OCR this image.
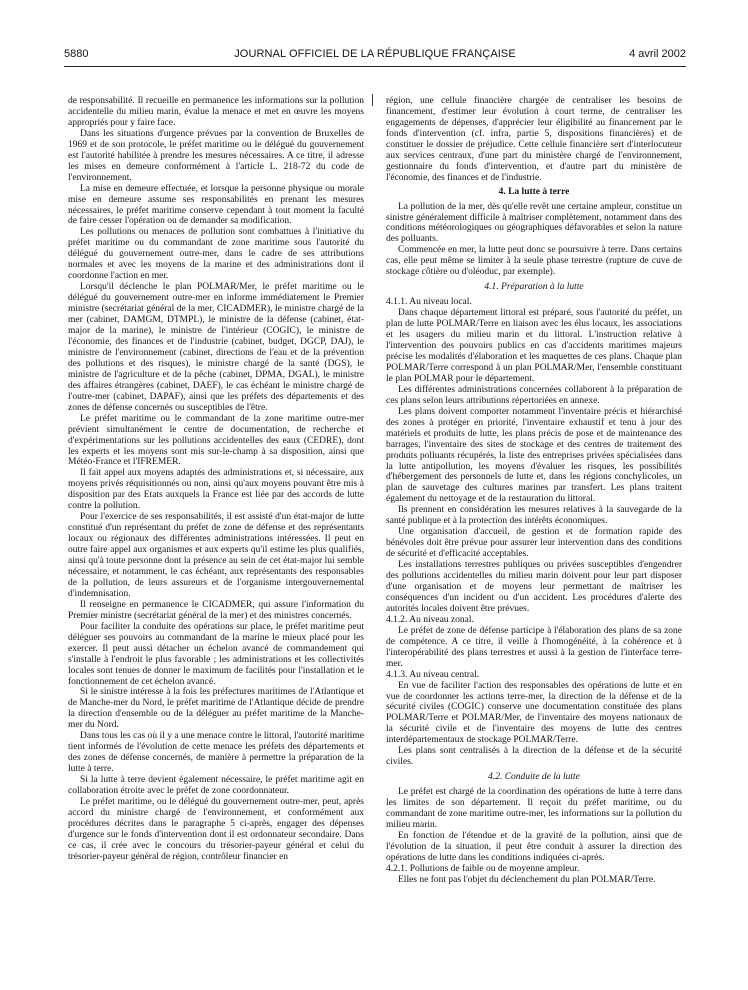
5880	JOURNAL OFFICIEL DE LA RÉPUBLIQUE FRANÇAISE	4 avril 2002

de responsabilité. Il recueille en permanence les informations sur la pollution accidentelle du milieu marin, évalue la menace et met en œuvre les moyens appropriés pour y faire face.

Dans les situations d'urgence prévues par la convention de Bruxelles de 1969 et de son protocole, le préfet maritime ou le délégué du gouvernement est l'autorité habilitée à prendre les mesures nécessaires. A ce titre, il adresse les mises en demeure conformément à l'article L. 218-72 du code de l'environnement.

La mise en demeure effectuée, et lorsque la personne physique ou morale mise en demeure assume ses responsabilités en prenant les mesures nécessaires, le préfet maritime conserve cependant à tout moment la faculté de faire cesser l'opération ou de demander sa modification.

Les pollutions ou menaces de pollution sont combattues à l'initiative du préfet maritime ou du commandant de zone maritime sous l'autorité du délégué du gouvernement outre-mer, dans le cadre de ses attributions normales et avec les moyens de la marine et des administrations dont il coordonne l'action en mer.

Lorsqu'il déclenche le plan POLMAR/Mer, le préfet maritime ou le délégué du gouvernement outre-mer en informe immédiatement le Premier ministre (secrétariat général de la mer, CICADMER), le ministre chargé de la mer (cabinet, DAMGM, DTMPL), le ministre de la défense (cabinet, état-major de la marine), le ministre de l'intérieur (COGIC), le ministre de l'économie, des finances et de l'industrie (cabinet, budget, DGCP, DAJ), le ministre de l'environnement (cabinet, directions de l'eau et de la prévention des pollutions et des risques), le ministre chargé de la santé (DGS), le ministre de l'agriculture et de la pêche (cabinet, DPMA, DGAL), le ministre des affaires étrangères (cabinet, DAEF), le cas échéant le ministre chargé de l'outre-mer (cabinet, DAPAF), ainsi que les préfets des départements et des zones de défense concernés ou susceptibles de l'être.

Le préfet maritime ou le commandant de la zone maritime outre-mer prévient simultanément le centre de documentation, de recherche et d'expérimentations sur les pollutions accidentelles des eaux (CEDRE), dont les experts et les moyens sont mis sur-le-champ à sa disposition, ainsi que Météo-France et l'IFREMER.

Il fait appel aux moyens adaptés des administrations et, si nécessaire, aux moyens privés réquisitionnés ou non, ainsi qu'aux moyens pouvant être mis à disposition par des Etats auxquels la France est liée par des accords de lutte contre la pollution.

Pour l'exercice de ses responsabilités, il est assisté d'un état-major de lutte constitué d'un représentant du préfet de zone de défense et des représentants locaux ou régionaux des différentes administrations intéressées. Il peut en outre faire appel aux organismes et aux experts qu'il estime les plus qualifiés, ainsi qu'à toute personne dont la présence au sein de cet état-major lui semble nécessaire, et notamment, le cas échéant, aux représentants des responsables de la pollution, de leurs assureurs et de l'organisme intergouvernemental d'indemnisation.

Il renseigne en permanence le CICADMER, qui assure l'information du Premier ministre (secrétariat général de la mer) et des ministres concernés.

Pour faciliter la conduite des opérations sur place, le préfet maritime peut déléguer ses pouvoirs au commandant de la marine le mieux placé pour les exercer. Il peut aussi détacher un échelon avancé de commandement qui s'installe à l'endroit le plus favorable ; les administrations et les collectivités locales sont tenues de donner le maximum de facilités pour l'installation et le fonctionnement de cet échelon avancé.

Si le sinistre intéresse à la fois les préfectures maritimes de l'Atlantique et de Manche-mer du Nord, le préfet maritime de l'Atlantique décide de prendre la direction d'ensemble ou de la déléguer au préfet maritime de la Manche-mer du Nord.

Dans tous les cas où il y a une menace contre le littoral, l'autorité maritime tient informés de l'évolution de cette menace les préfets des départements et des zones de défense concernés, de manière à permettre la préparation de la lutte à terre.

Si la lutte à terre devient également nécessaire, le préfet maritime agit en collaboration étroite avec le préfet de zone coordonnateur.

Le préfet maritime, ou le délégué du gouvernement outre-mer, peut, après accord du ministre chargé de l'environnement, et conformément aux procédures décrites dans le paragraphe 5 ci-après, engager des dépenses d'urgence sur le fonds d'intervention dont il est ordonnateur secondaire. Dans ce cas, il crée avec le concours du trésorier-payeur général et celui du trésorier-payeur général de région, contrôleur financier en

région, une cellule financière chargée de centraliser les besoins de financement, d'estimer leur évolution à court terme, de centraliser les engagements de dépenses, d'apprécier leur éligibilité au financement par le fonds d'intervention (cf. infra, partie 5, dispositions financières) et de constituer le dossier de préjudice. Cette cellule financière sert d'interlocuteur aux services centraux, d'une part du ministère chargé de l'environnement, gestionnaire du fonds d'intervention, et d'autre part du ministère de l'économie, des finances et de l'industrie.

4. La lutte à terre

La pollution de la mer, dès qu'elle revêt une certaine ampleur, constitue un sinistre généralement difficile à maîtriser complètement, notamment dans des conditions météorologiques ou géographiques défavorables et selon la nature des polluants.

Commencée en mer, la lutte peut donc se poursuivre à terre. Dans certains cas, elle peut même se limiter à la seule phase terrestre (rupture de cuve de stockage côtière ou d'oléoduc, par exemple).

4.1. Préparation à la lutte

4.1.1. Au niveau local.

Dans chaque département littoral est préparé, sous l'autorité du préfet, un plan de lutte POLMAR/Terre en liaison avec les élus locaux, les associations et les usagers du milieu marin et du littoral. L'instruction relative à l'intervention des pouvoirs publics en cas d'accidents maritimes majeurs précise les modalités d'élaboration et les maquettes de ces plans. Chaque plan POLMAR/Terre correspond à un plan POLMAR/Mer, l'ensemble constituant le plan POLMAR pour le département.

Les différentes administrations concernées collaborent à la préparation de ces plans selon leurs attributions répertoriées en annexe.

Les plans doivent comporter notamment l'inventaire précis et hiérarchisé des zones à protéger en priorité, l'inventaire exhaustif et tenu à jour des matériels et produits de lutte, les plans précis de pose et de maintenance des barrages, l'inventaire des sites de stockage et des centres de traitement des produits polluants récupérés, la liste des entreprises privées spécialisées dans la lutte antipollution, les moyens d'évaluer les risques, les possibilités d'hébergement des personnels de lutte et, dans les régions conchylicoles, un plan de sauvetage des cultures marines par transfert. Les plans traitent également du nettoyage et de la restauration du littoral.

Ils prennent en considération les mesures relatives à la sauvegarde de la santé publique et à la protection des intérêts économiques.

Une organisation d'accueil, de gestion et de formation rapide des bénévoles doit être prévue pour assurer leur intervention dans des conditions de sécurité et d'efficacité acceptables.

Les installations terrestres publiques ou privées susceptibles d'engendrer des pollutions accidentelles du milieu marin doivent pour leur part disposer d'une organisation et de moyens leur permettant de maîtriser les conséquences d'un incident ou d'un accident. Les procédures d'alerte des autorités locales doivent être prévues.

4.1.2. Au niveau zonal.

Le préfet de zone de défense participe à l'élaboration des plans de sa zone de compétence. A ce titre, il veille à l'homogénéité, à la cohérence et à l'interopérabilité des plans terrestres et aussi à la gestion de l'interface terre-mer.

4.1.3. Au niveau central.

En vue de faciliter l'action des responsables des opérations de lutte et en vue de coordonner les actions terre-mer, la direction de la défense et de la sécurité civiles (COGIC) conserve une documentation constituée des plans POLMAR/Terre et POLMAR/Mer, de l'inventaire des moyens nationaux de la sécurité civile et de l'inventaire des moyens de lutte des centres interdépartementaux de stockage POLMAR/Terre.

Les plans sont centralisés à la direction de la défense et de la sécurité civiles.

4.2. Conduite de la lutte

Le préfet est chargé de la coordination des opérations de lutte à terre dans les limites de son département. Il reçoit du préfet maritime, ou du commandant de zone maritime outre-mer, les informations sur la pollution du milieu marin.

En fonction de l'étendue et de la gravité de la pollution, ainsi que de l'évolution de la situation, il peut être conduit à assurer la direction des opérations de lutte dans les conditions indiquées ci-après.

4.2.1. Pollutions de faible ou de moyenne ampleur.

Elles ne font pas l'objet du déclenchement du plan POLMAR/Terre.
